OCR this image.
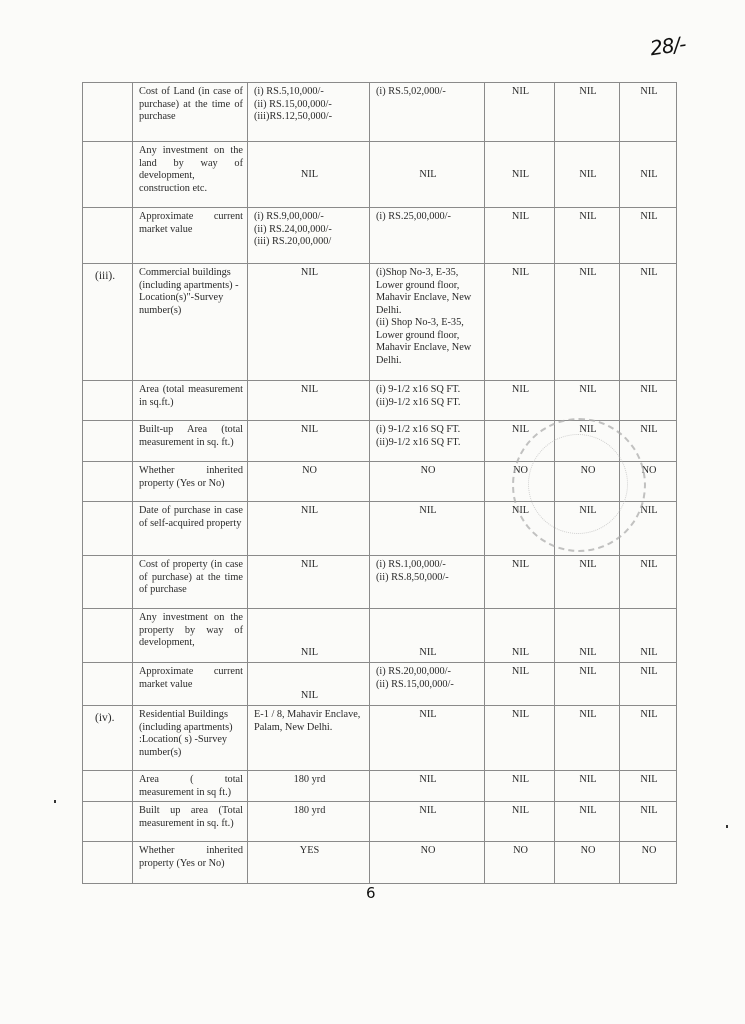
28/-
	Cost of Land (in case of purchase) at the time of purchase	(i) RS.5,10,000/-
(ii) RS.15,00,000/-
(iii)RS.12,50,000/-	(i) RS.5,02,000/-	NIL	NIL	NIL
	Any investment on the land by way of development, construction etc.	NIL	NIL	NIL	NIL	NIL
	Approximate current market value	(i) RS.9,00,000/-
(ii) RS.24,00,000/-
(iii) RS.20,00,000/	(i) RS.25,00,000/-	NIL	NIL	NIL
(iii).	Commercial buildings (including apartments) -Location(s)"-Survey number(s)	NIL	(i)Shop No-3, E-35, Lower ground floor, Mahavir Enclave, New Delhi.
(ii) Shop No-3, E-35, Lower ground floor, Mahavir Enclave, New Delhi.	NIL	NIL	NIL
	Area (total measurement in sq.ft.)	NIL	(i) 9-1/2 x16 SQ FT.
(ii)9-1/2 x16 SQ FT.	NIL	NIL	NIL
	Built-up Area (total measurement in sq. ft.)	NIL	(i) 9-1/2 x16 SQ FT.
(ii)9-1/2 x16 SQ FT.	NIL	NIL	NIL
	Whether inherited property (Yes or No)	NO	NO	NO	NO	NO
	Date of purchase in case of self-acquired property	NIL	NIL	NIL	NIL	NIL
	Cost of property (in case of purchase) at the time of purchase	NIL	(i) RS.1,00,000/-
(ii) RS.8,50,000/-	NIL	NIL	NIL
	Any investment on the property by way of development,	NIL	NIL	NIL	NIL	NIL
	Approximate current market value	NIL	(i) RS.20,00,000/-
(ii) RS.15,00,000/-	NIL	NIL	NIL
(iv).	Residential Buildings (including apartments) :Location( s) -Survey number(s)	E-1 / 8, Mahavir Enclave, Palam, New Delhi.	NIL	NIL	NIL	NIL
	Area ( total measurement in sq ft.)	180 yrd	NIL	NIL	NIL	NIL
	Built up area (Total measurement in sq. ft.)	180 yrd	NIL	NIL	NIL	NIL
	Whether inherited property (Yes or No)	YES	NO	NO	NO	NO
6
